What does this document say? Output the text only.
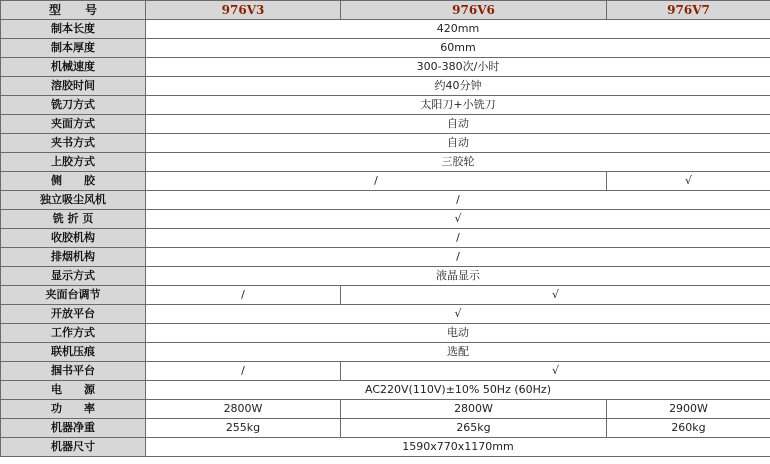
型　　号	976V3	976V6	976V7
制本长度	420mm		
制本厚度	60mm		
机械速度	300-380次/小时		
溶胶时间	约40分钟		
铣刀方式	太阳刀+小铣刀		
夹面方式	自动		
夹书方式	自动		
上胶方式	三胶轮		
侧　　胶	/		√
独立吸尘风机	/		
铣 折 页	√		
收胶机构	/		
排烟机构	/		
显示方式	液晶显示		
夹面台调节	/	√	
开放平台	√		
工作方式	电动		
联机压痕	选配		
掴书平台	/	√	
电　　源	AC220V(110V)±10% 50Hz (60Hz)		
功　　率	2800W	2800W	2900W
机器净重	255kg	265kg	260kg
机器尺寸	1590x770x1170mm		
